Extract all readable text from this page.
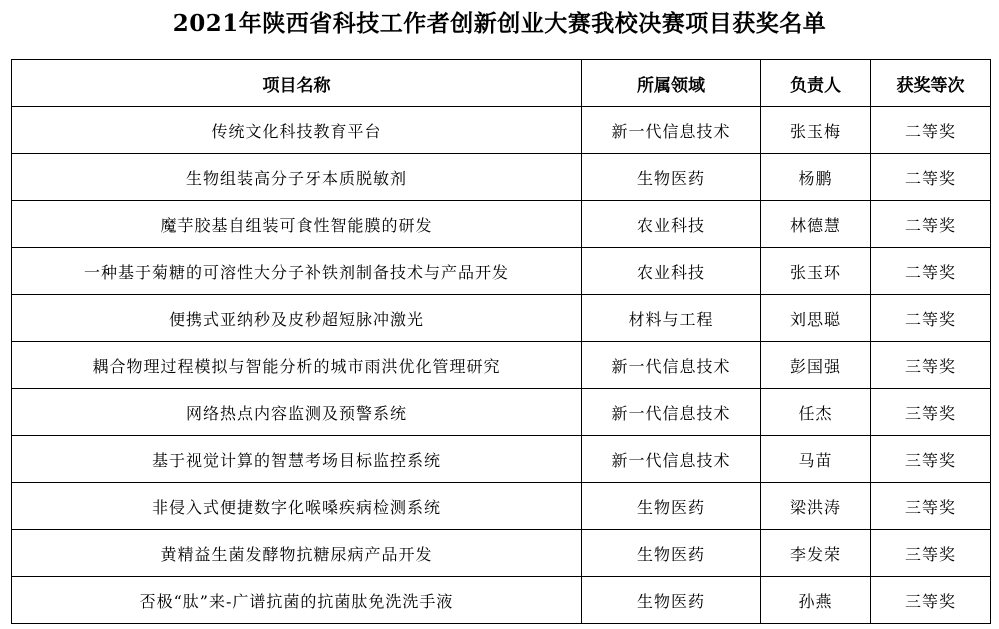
2021年陕西省科技工作者创新创业大赛我校决赛项目获奖名单
项目名称	所属领域	负责人	获奖等次
传统文化科技教育平台	新一代信息技术	张玉梅	二等奖
生物组装高分子牙本质脱敏剂	生物医药	杨鹏	二等奖
魔芋胶基自组装可食性智能膜的研发	农业科技	林德慧	二等奖
一种基于菊糖的可溶性大分子补铁剂制备技术与产品开发	农业科技	张玉环	二等奖
便携式亚纳秒及皮秒超短脉冲激光	材料与工程	刘思聪	二等奖
耦合物理过程模拟与智能分析的城市雨洪优化管理研究	新一代信息技术	彭国强	三等奖
网络热点内容监测及预警系统	新一代信息技术	任杰	三等奖
基于视觉计算的智慧考场目标监控系统	新一代信息技术	马苗	三等奖
非侵入式便捷数字化喉嗓疾病检测系统	生物医药	梁洪涛	三等奖
黄精益生菌发酵物抗糖尿病产品开发	生物医药	李发荣	三等奖
否极“肽”来-广谱抗菌的抗菌肽免洗洗手液	生物医药	孙燕	三等奖
